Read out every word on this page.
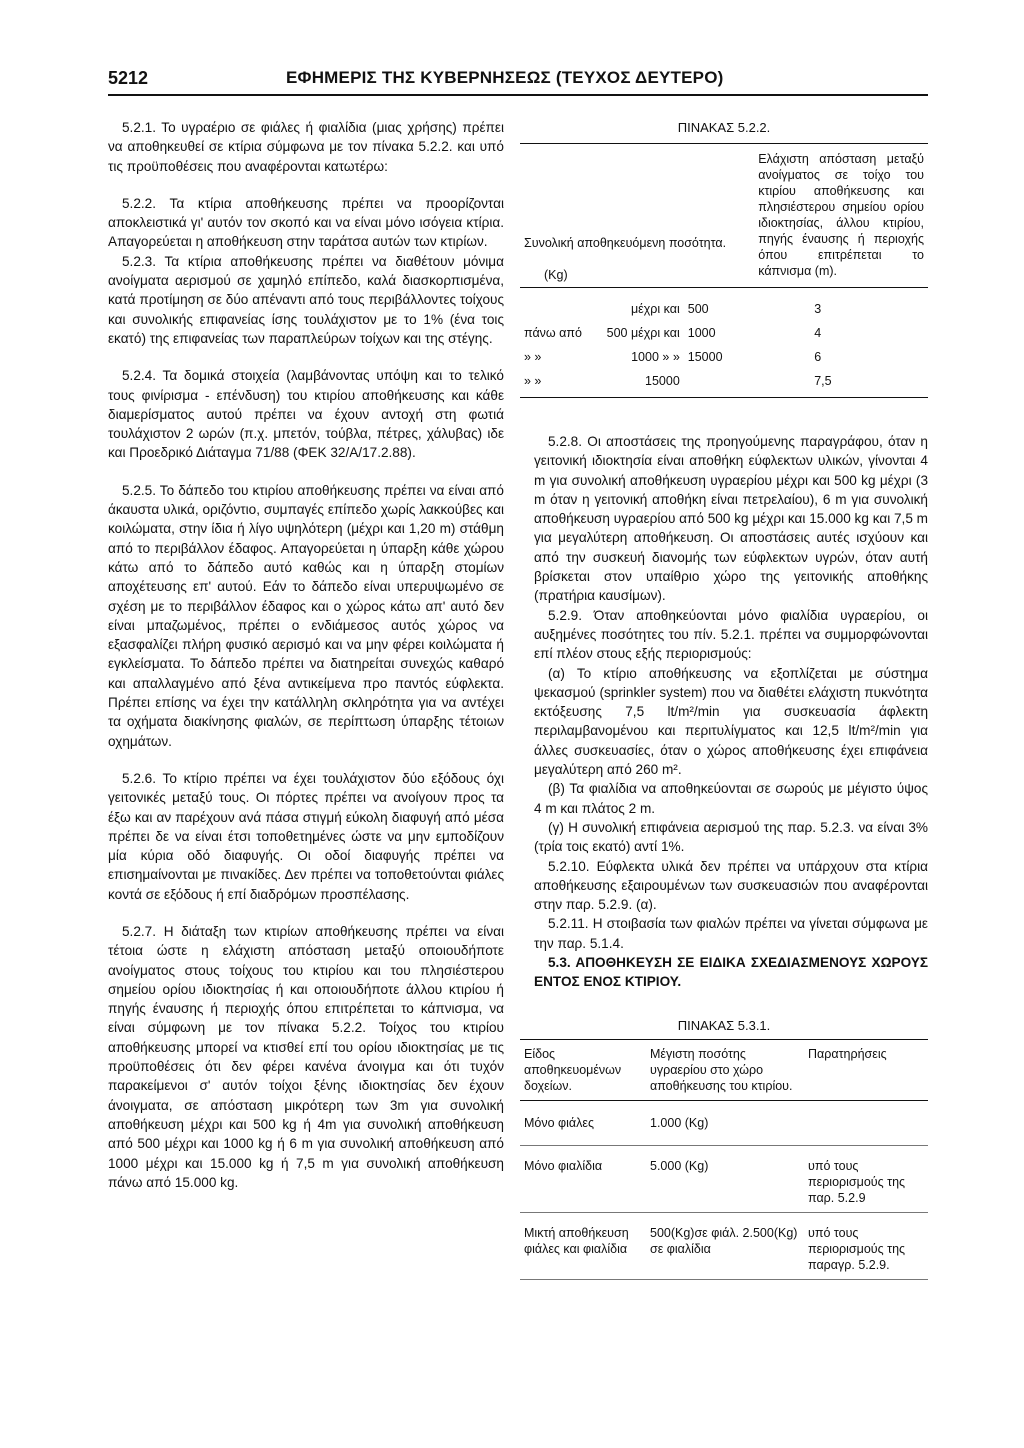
5212	ΕΦΗΜΕΡΙΣ ΤΗΣ ΚΥΒΕΡΝΗΣΕΩΣ (ΤΕΥΧΟΣ ΔΕΥΤΕΡΟ)

5.2.1. Το υγραέριο σε φιάλες ή φιαλίδια (μιας χρήσης) πρέπει να αποθηκευθεί σε κτίρια σύμφωνα με τον πίνακα 5.2.2. και υπό τις προϋποθέσεις που αναφέρονται κατωτέρω:

5.2.2. Τα κτίρια αποθήκευσης πρέπει να προορίζονται αποκλειστικά γι' αυτόν τον σκοπό και να είναι μόνο ισόγεια κτίρια. Απαγορεύεται η αποθήκευση στην ταράτσα αυτών των κτιρίων.

5.2.3. Τα κτίρια αποθήκευσης πρέπει να διαθέτουν μόνιμα ανοίγματα αερισμού σε χαμηλό επίπεδο, καλά διασκορπισμένα, κατά προτίμηση σε δύο απέναντι από τους περιβάλλοντες τοίχους και συνολικής επιφανείας ίσης τουλάχιστον με το 1% (ένα τοις εκατό) της επιφανείας των παραπλεύρων τοίχων και της στέγης.

5.2.4. Τα δομικά στοιχεία (λαμβάνοντας υπόψη και το τελικό τους φινίρισμα - επένδυση) του κτιρίου αποθήκευσης και κάθε διαμερίσματος αυτού πρέπει να έχουν αντοχή στη φωτιά τουλάχιστον 2 ωρών (π.χ. μπετόν, τούβλα, πέτρες, χάλυβας) ιδε και Προεδρικό Διάταγμα 71/88 (ΦΕΚ 32/Α/17.2.88).

5.2.5. Το δάπεδο του κτιρίου αποθήκευσης πρέπει να είναι από άκαυστα υλικά, οριζόντιο, συμπαγές επίπεδο χωρίς λακκούβες και κοιλώματα, στην ίδια ή λίγο υψηλότερη (μέχρι και 1,20 m) στάθμη από το περιβάλλον έδαφος. Απαγορεύεται η ύπαρξη κάθε χώρου κάτω από το δάπεδο αυτό καθώς και η ύπαρξη στομίων αποχέτευσης επ' αυτού. Εάν το δάπεδο είναι υπερυψωμένο σε σχέση με το περιβάλλον έδαφος και ο χώρος κάτω απ' αυτό δεν είναι μπαζωμένος, πρέπει ο ενδιάμεσος αυτός χώρος να εξασφαλίζει πλήρη φυσικό αερισμό και να μην φέρει κοιλώματα ή εγκλείσματα. Το δάπεδο πρέπει να διατηρείται συνεχώς καθαρό και απαλλαγμένο από ξένα αντικείμενα προ παντός εύφλεκτα. Πρέπει επίσης να έχει την κατάλληλη σκληρότητα για να αντέχει τα οχήματα διακίνησης φιαλών, σε περίπτωση ύπαρξης τέτοιων οχημάτων.

5.2.6. Το κτίριο πρέπει να έχει τουλάχιστον δύο εξόδους όχι γειτονικές μεταξύ τους. Οι πόρτες πρέπει να ανοίγουν προς τα έξω και αν παρέχουν ανά πάσα στιγμή εύκολη διαφυγή από μέσα πρέπει δε να είναι έτσι τοποθετημένες ώστε να μην εμποδίζουν μία κύρια οδό διαφυγής. Οι οδοί διαφυγής πρέπει να επισημαίνονται με πινακίδες. Δεν πρέπει να τοποθετούνται φιάλες κοντά σε εξόδους ή επί διαδρόμων προσπέλασης.

5.2.7. Η διάταξη των κτιρίων αποθήκευσης πρέπει να είναι τέτοια ώστε η ελάχιστη απόσταση μεταξύ οποιουδήποτε ανοίγματος στους τοίχους του κτιρίου και του πλησιέστερου σημείου ορίου ιδιοκτησίας ή και οποιουδήποτε άλλου κτιρίου ή πηγής έναυσης ή περιοχής όπου επιτρέπεται το κάπνισμα, να είναι σύμφωνη με τον πίνακα 5.2.2. Τοίχος του κτιρίου αποθήκευσης μπορεί να κτισθεί επί του ορίου ιδιοκτησίας με τις προϋποθέσεις ότι δεν φέρει κανένα άνοιγμα και ότι τυχόν παρακείμενοι σ' αυτόν τοίχοι ξένης ιδιοκτησίας δεν έχουν άνοιγματα, σε απόσταση μικρότερη των 3m για συνολική αποθήκευση μέχρι και 500 kg ή 4m για συνολική αποθήκευση από 500 μέχρι και 1000 kg ή 6 m για συνολική αποθήκευση από 1000 μέχρι και 15.000 kg ή 7,5 m για συνολική αποθήκευση πάνω από 15.000 kg.

ΠΙΝΑΚΑΣ 5.2.2.

Συνολική αποθηκευόμενη ποσότητα.
(Kg)			Ελάχιστη απόσταση μεταξύ ανοίγματος σε τοίχο του κτιρίου αποθήκευσης και πλησιέστερου σημείου ορίου ιδιοκτησίας, άλλου κτιρίου, πηγής έναυσης ή περιοχής όπου επιτρέπεται το κάπνισμα (m).

	μέχρι και	500	3
πάνω από	500 μέχρι και	1000	4
» »	1000 » »	15000	6
» »	15000		7,5

5.2.8. Οι αποστάσεις της προηγούμενης παραγράφου, όταν η γειτονική ιδιοκτησία είναι αποθήκη εύφλεκτων υλικών, γίνονται 4 m για συνολική αποθήκευση υγραερίου μέχρι και 500 kg μέχρι (3 m όταν η γειτονική αποθήκη είναι πετρελαίου), 6 m για συνολική αποθήκευση υγραερίου από 500 kg μέχρι και 15.000 kg και 7,5 m για μεγαλύτερη αποθήκευση. Οι αποστάσεις αυτές ισχύουν και από την συσκευή διανομής των εύφλεκτων υγρών, όταν αυτή βρίσκεται στον υπαίθριο χώρο της γειτονικής αποθήκης (πρατήρια καυσίμων).

5.2.9. Όταν αποθηκεύονται μόνο φιαλίδια υγραερίου, οι αυξημένες ποσότητες του πίν. 5.2.1. πρέπει να συμμορφώνονται επί πλέον στους εξής περιορισμούς:

(α) Το κτίριο αποθήκευσης να εξοπλίζεται με σύστημα ψεκασμού (sprinkler system) που να διαθέτει ελάχιστη πυκνότητα εκτόξευσης 7,5 lt/m²/min για συσκευασία άφλεκτη περιλαμβανομένου και περιτυλίγματος και 12,5 lt/m²/min για άλλες συσκευασίες, όταν ο χώρος αποθήκευσης έχει επιφάνεια μεγαλύτερη από 260 m².

(β) Τα φιαλίδια να αποθηκεύονται σε σωρούς με μέγιστο ύψος 4 m και πλάτος 2 m.

(γ) Η συνολική επιφάνεια αερισμού της παρ. 5.2.3. να είναι 3% (τρία τοις εκατό) αντί 1%.

5.2.10. Εύφλεκτα υλικά δεν πρέπει να υπάρχουν στα κτίρια αποθήκευσης εξαιρουμένων των συσκευασιών που αναφέρονται στην παρ. 5.2.9. (α).

5.2.11. Η στοιβασία των φιαλών πρέπει να γίνεται σύμφωνα με την παρ. 5.1.4.

5.3. ΑΠΟΘΗΚΕΥΣΗ ΣΕ ΕΙΔΙΚΑ ΣΧΕΔΙΑΣΜΕΝΟΥΣ ΧΩΡΟΥΣ ΕΝΤΟΣ ΕΝΟΣ ΚΤΙΡΙΟΥ.

ΠΙΝΑΚΑΣ 5.3.1.
Είδος αποθηκευομένων δοχείων.	Μέγιστη ποσότης υγραερίου στο χώρο αποθήκευσης του κτιρίου.	Παρατηρήσεις
Μόνο φιάλες	1.000 (Kg)	
Μόνο φιαλίδια	5.000 (Kg)	υπό τους περιορισμούς της παρ. 5.2.9
Μικτή αποθήκευση φιάλες και φιαλίδια	500(Kg)σε φιάλ. 2.500(Kg) σε φιαλίδια	υπό τους περιορισμούς της παραγρ. 5.2.9.
